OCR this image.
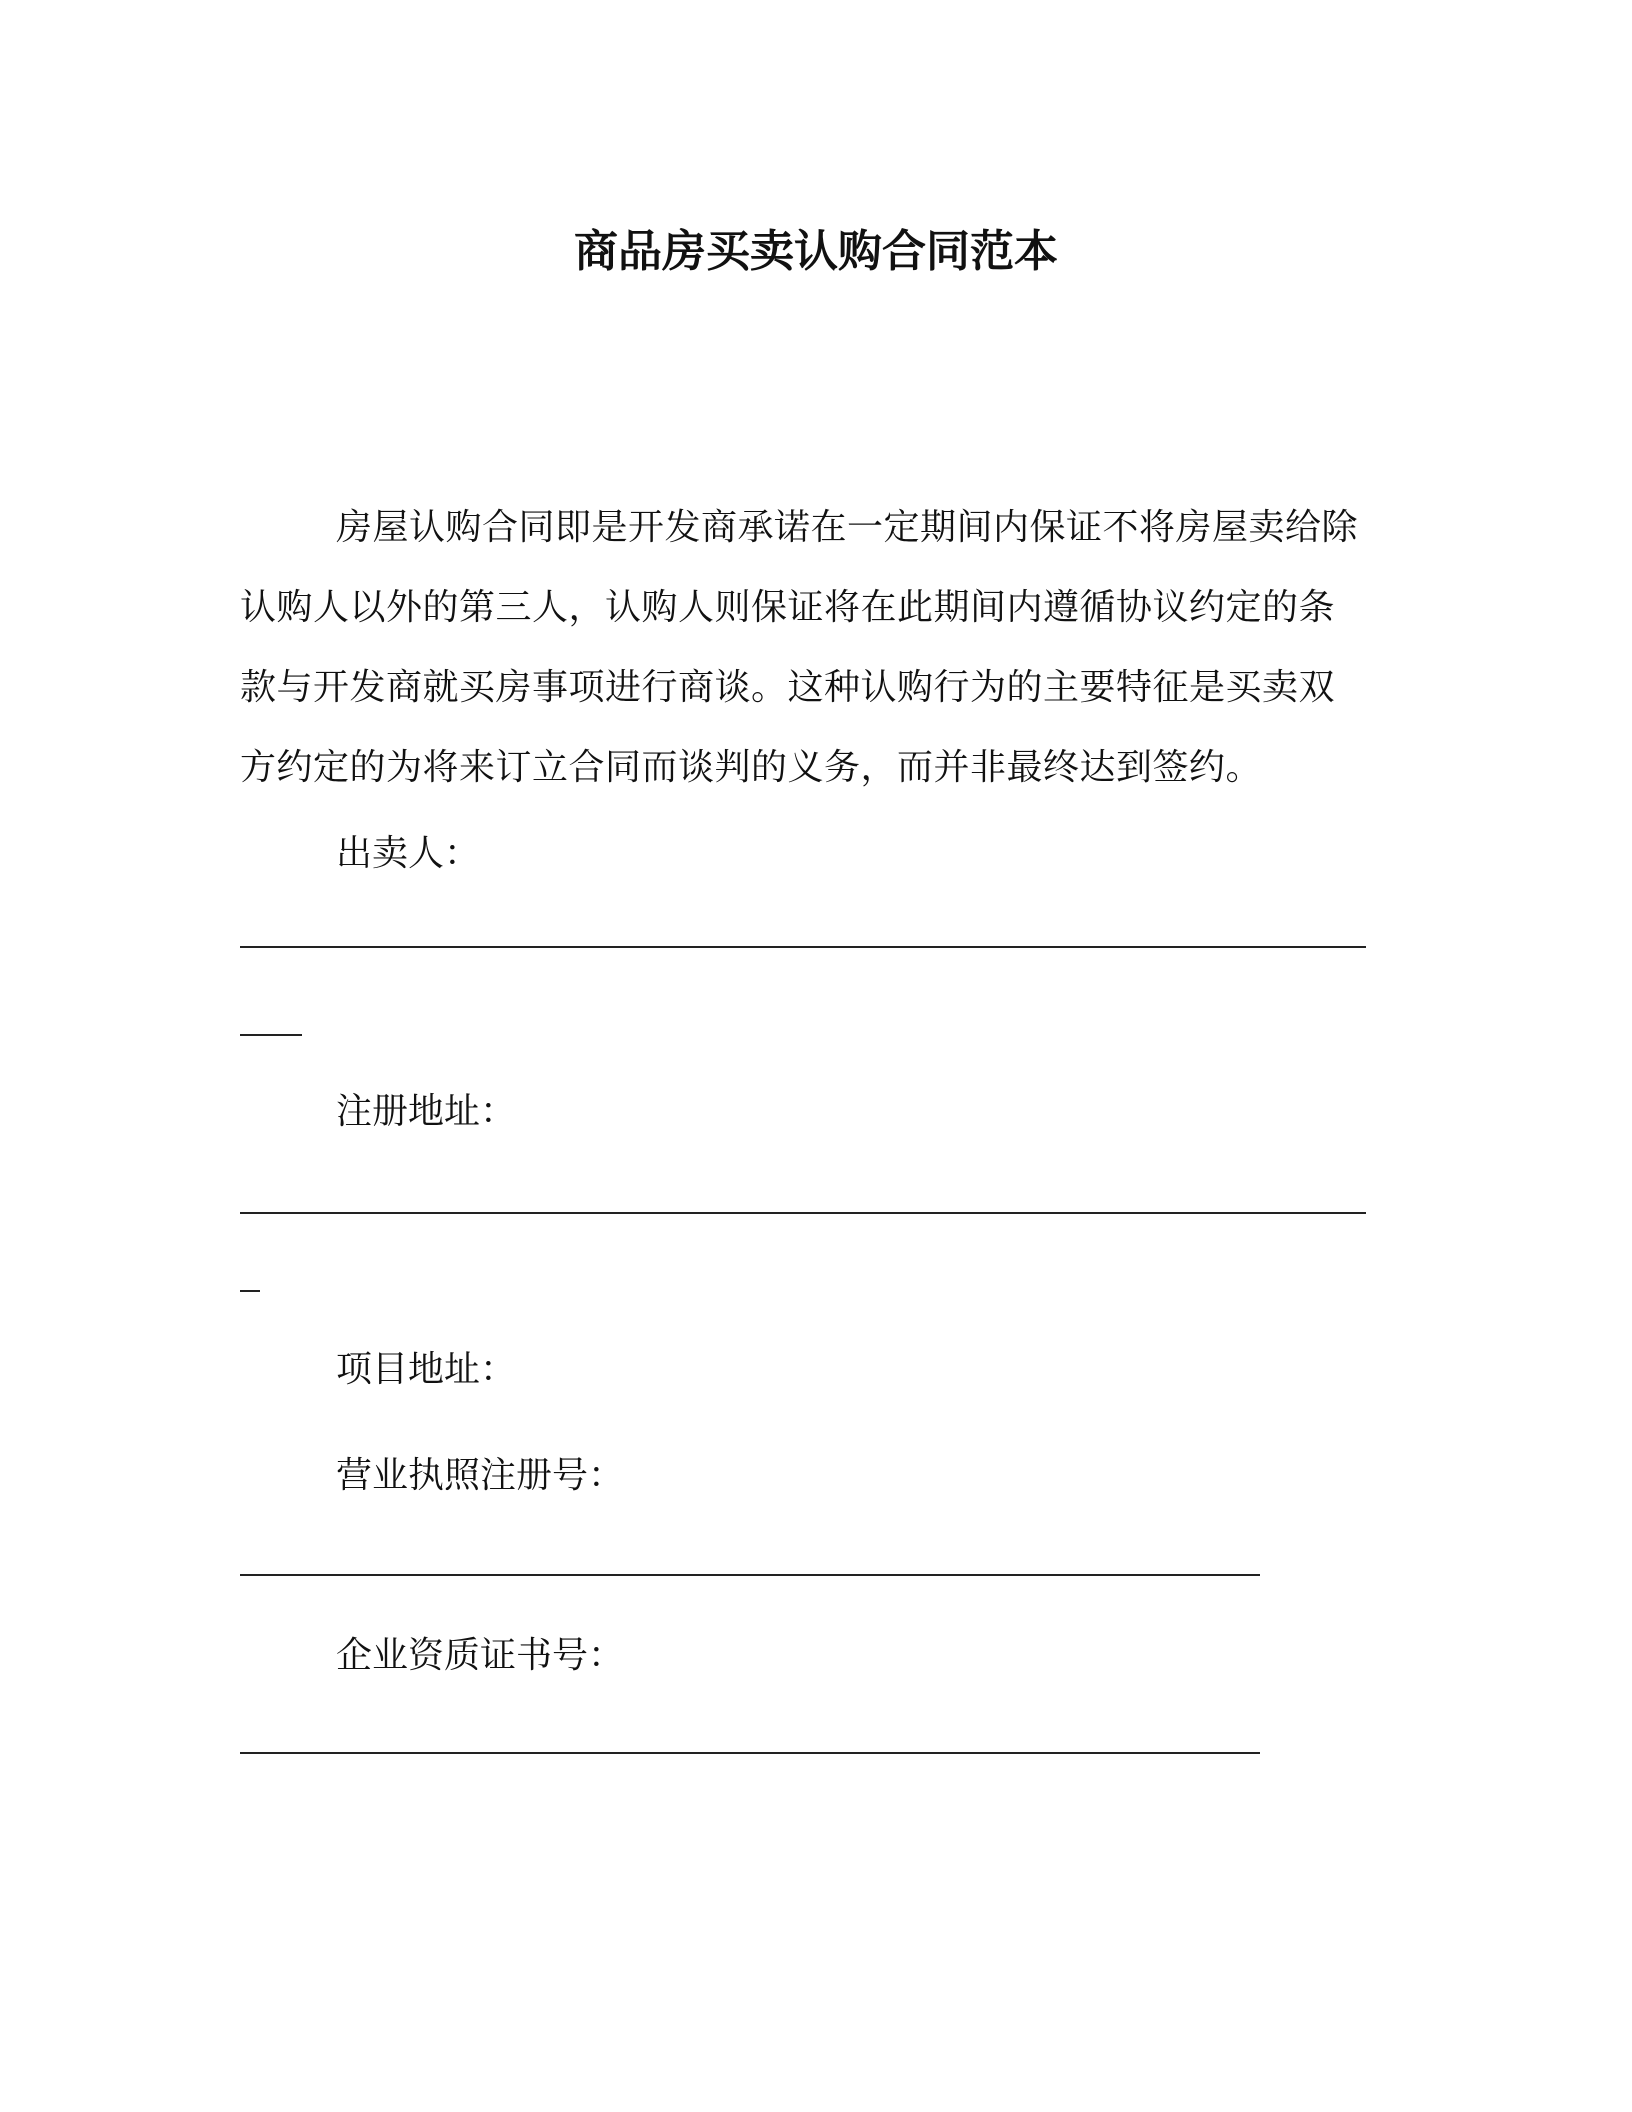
商品房买卖认购合同范本

房屋认购合同即是开发商承诺在一定期间内保证不将房屋卖给除
认购人以外的第三人，认购人则保证将在此期间内遵循协议约定的条
款与开发商就买房事项进行商谈。这种认购行为的主要特征是买卖双
方约定的为将来订立合同而谈判的义务，而并非最终达到签约。

出卖人：
注册地址：
项目地址：
营业执照注册号：
企业资质证书号：
